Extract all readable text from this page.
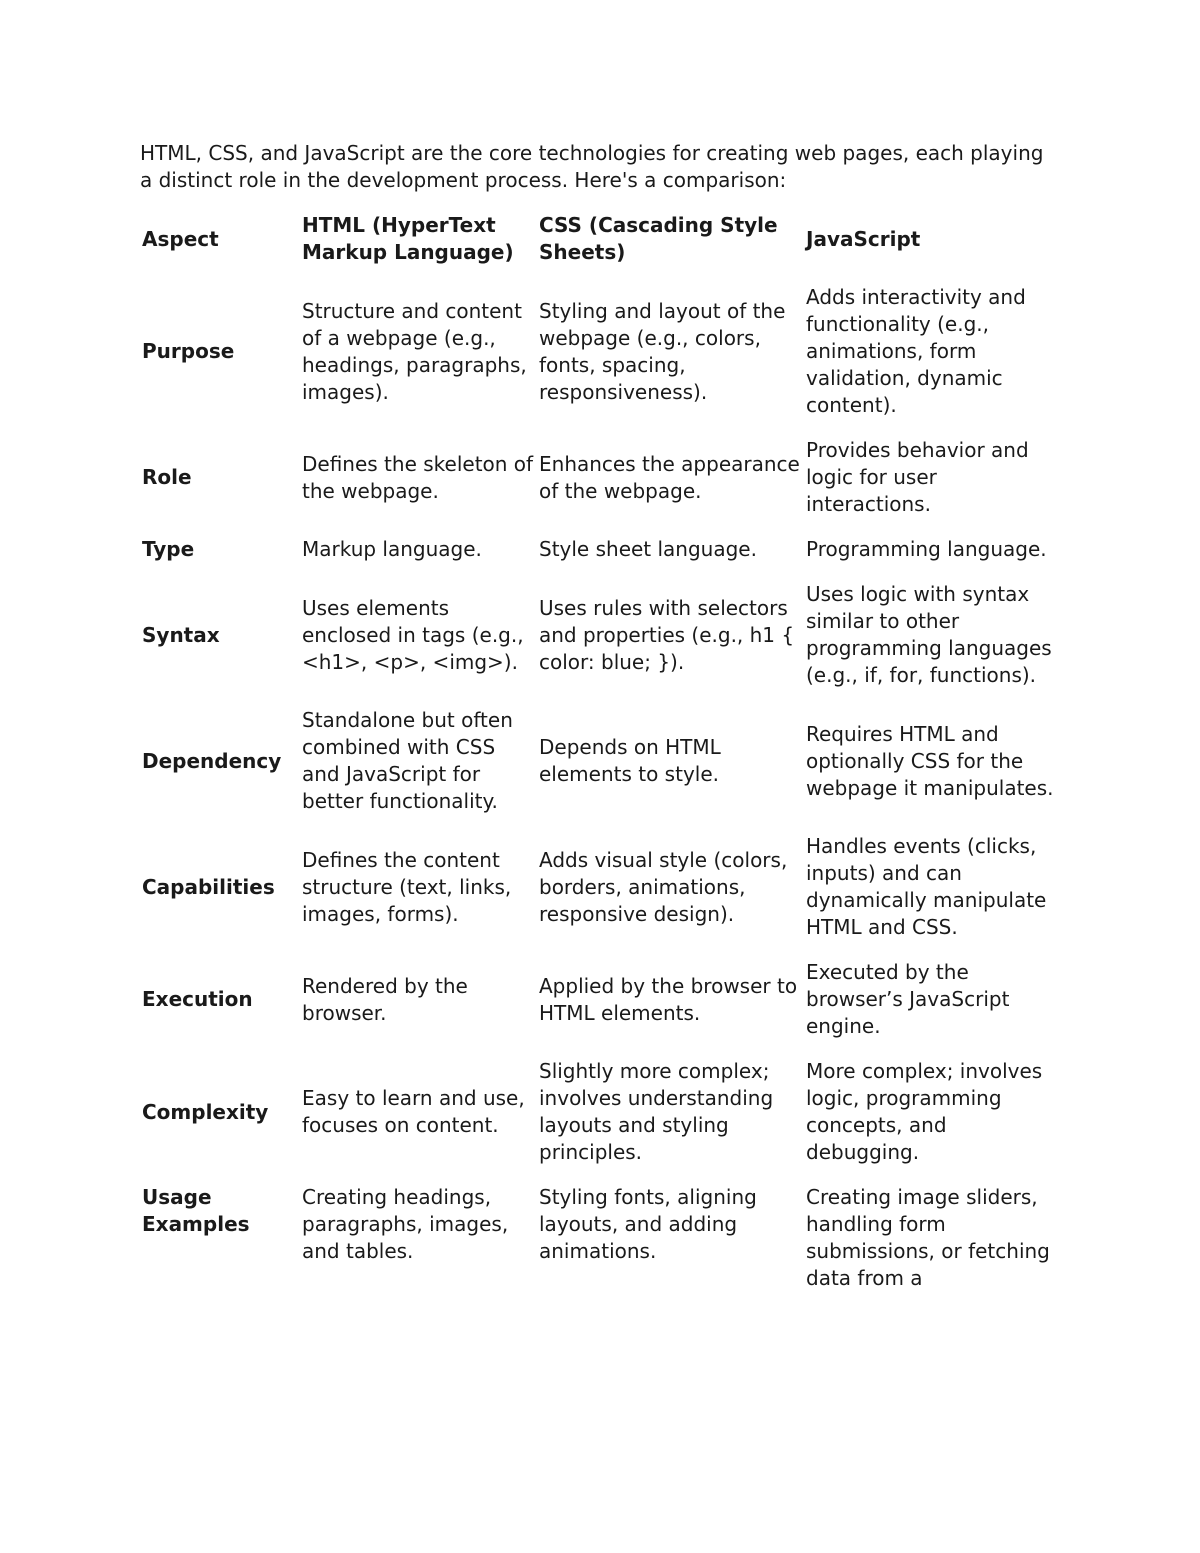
HTML, CSS, and JavaScript are the core technologies for creating web pages, each playing a distinct role in the development process. Here's a comparison:

Aspect	HTML (HyperText Markup Language)	CSS (Cascading Style Sheets)	JavaScript
Purpose	Structure and content of a webpage (e.g., headings, paragraphs, images).	Styling and layout of the webpage (e.g., colors, fonts, spacing, responsiveness).	Adds interactivity and functionality (e.g., animations, form validation, dynamic content).
Role	Defines the skeleton of the webpage.	Enhances the appearance of the webpage.	Provides behavior and logic for user interactions.
Type	Markup language.	Style sheet language.	Programming language.
Syntax	Uses elements enclosed in tags (e.g., <h1>, <p>, <img>).	Uses rules with selectors and properties (e.g., h1 { color: blue; }).	Uses logic with syntax similar to other programming languages (e.g., if, for, functions).
Dependency	Standalone but often combined with CSS and JavaScript for better functionality.	Depends on HTML elements to style.	Requires HTML and optionally CSS for the webpage it manipulates.
Capabilities	Defines the content structure (text, links, images, forms).	Adds visual style (colors, borders, animations, responsive design).	Handles events (clicks, inputs) and can dynamically manipulate HTML and CSS.
Execution	Rendered by the browser.	Applied by the browser to HTML elements.	Executed by the browser’s JavaScript engine.
Complexity	Easy to learn and use, focuses on content.	Slightly more complex; involves understanding layouts and styling principles.	More complex; involves logic, programming concepts, and debugging.
Usage Examples	Creating headings, paragraphs, images, and tables.	Styling fonts, aligning layouts, and adding animations.	Creating image sliders, handling form submissions, or fetching data from a
